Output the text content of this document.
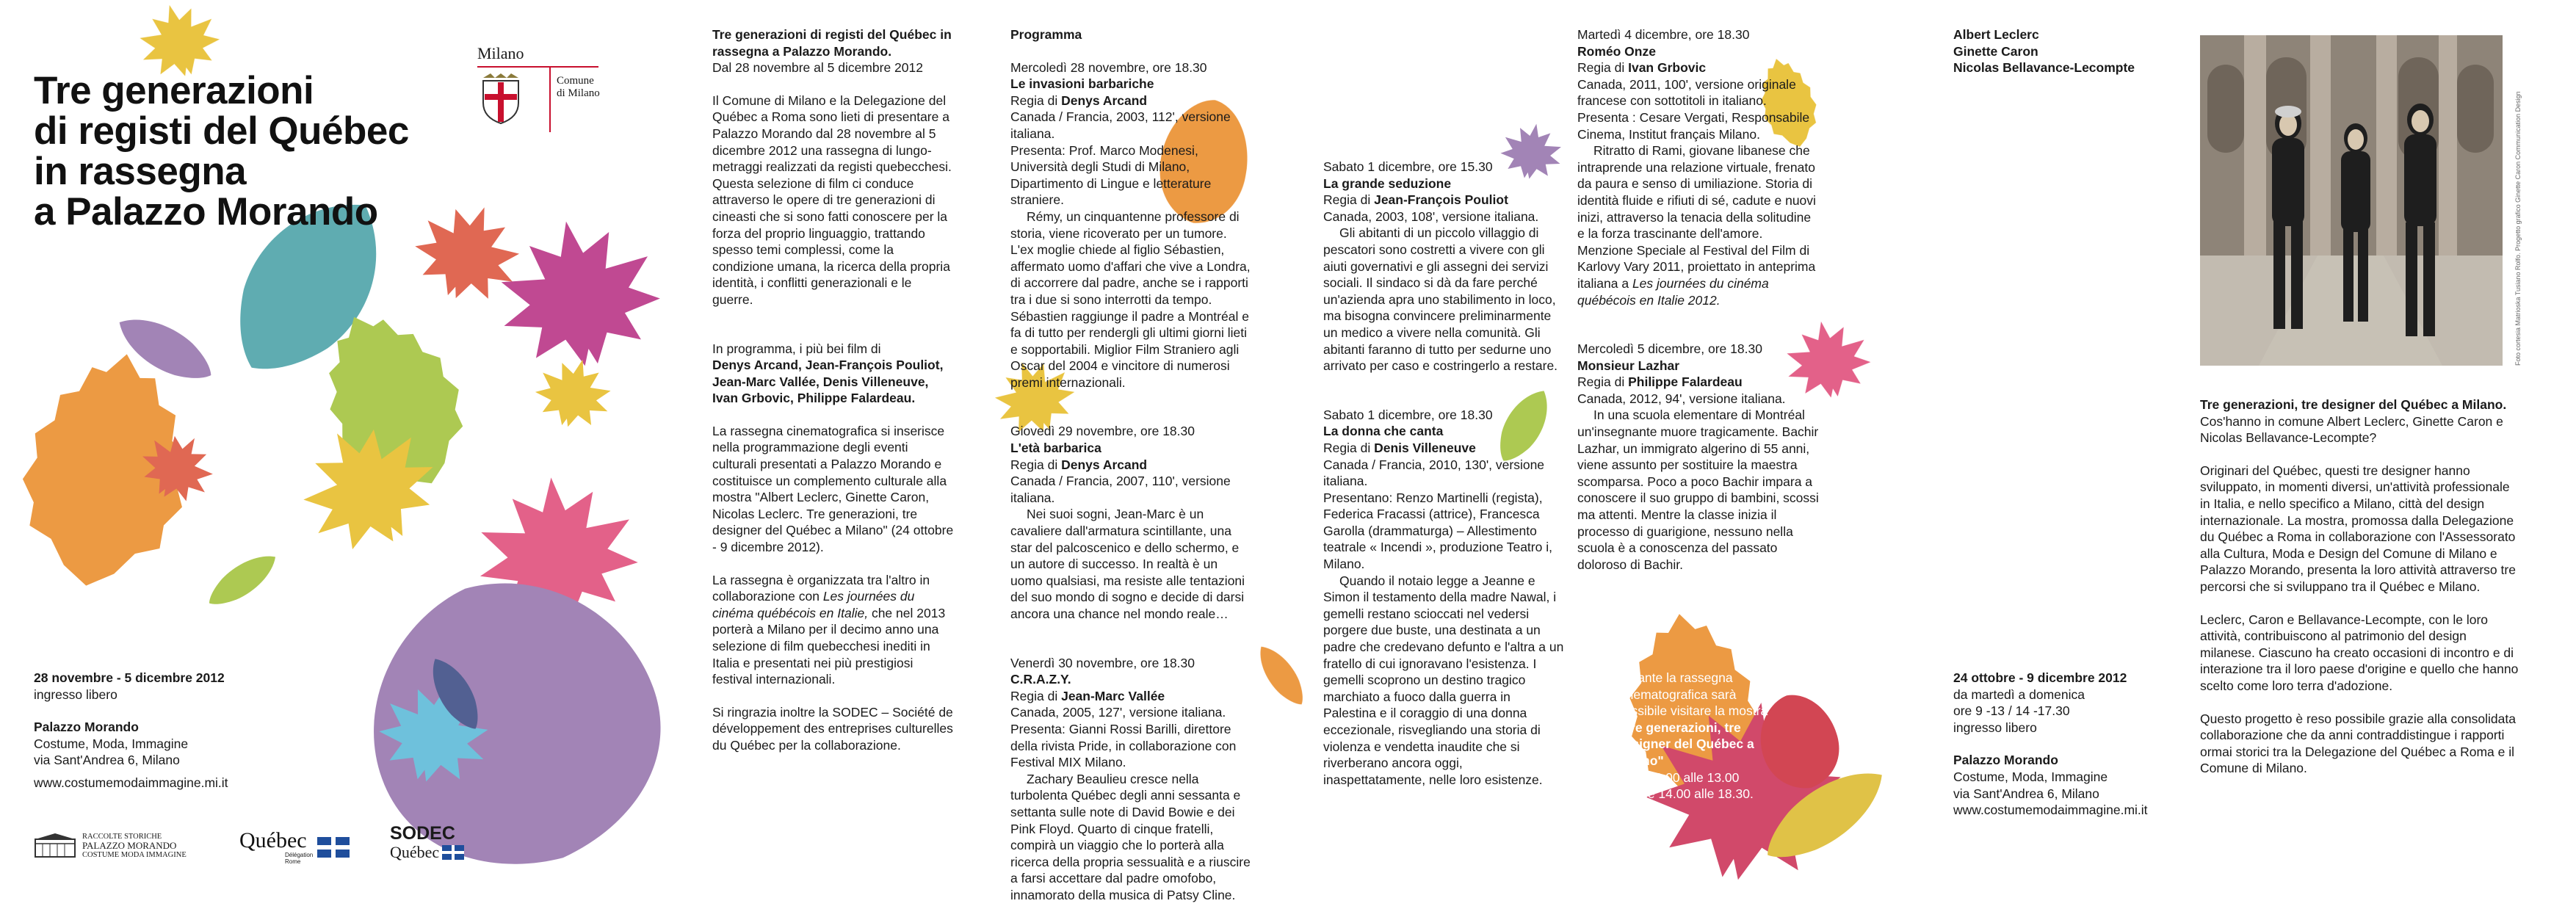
Tre generazioni
di registi del Québec
in rassegna
a Palazzo Morando
Milano
Comune
di Milano
28 novembre - 5 dicembre 2012
ingresso libero
Palazzo Morando
Costume, Moda, Immagine
via Sant'Andrea 6, Milano
www.costumemodaimmagine.mi.it
RACCOLTE STORICHE
PALAZZO MORANDO
COSTUME MODA IMMAGINE
Québec
Délégation
Rome
SODEC
Québec
Tre generazioni di registi del Québec in rassegna a Palazzo Morando.
Dal 28 novembre al 5 dicembre 2012

Il Comune di Milano e la Delegazione del Québec a Roma sono lieti di presentare a Palazzo Morando dal 28 novembre al 5 dicembre 2012 una rassegna di lungo-metraggi realizzati da registi quebecchesi. Questa selezione di film ci conduce attraverso le opere di tre generazioni di cineasti che si sono fatti conoscere per la forza del proprio linguaggio, trattando spesso temi complessi, come la condizione umana, la ricerca della propria identità, i conflitti generazionali e le guerre.

In programma, i più bei film di
Denys Arcand, Jean-François Pouliot, Jean-Marc Vallée, Denis Villeneuve, Ivan Grbovic, Philippe Falardeau.

La rassegna cinematografica si inserisce nella programmazione degli eventi culturali presentati a Palazzo Morando e costituisce un complemento culturale alla mostra "Albert Leclerc, Ginette Caron, Nicolas Leclerc. Tre generazioni, tre designer del Québec a Milano" (24 ottobre - 9 dicembre 2012).

La rassegna è organizzata tra l'altro in collaborazione con Les journées du cinéma québécois en Italie, che nel 2013 porterà a Milano per il decimo anno una selezione di film quebecchesi inediti in Italia e presentati nei più prestigiosi festival internazionali.

Si ringrazia inoltre la SODEC – Société de développement des entreprises culturelles du Québec per la collaborazione.

Programma
Mercoledì 28 novembre, ore 18.30
Le invasioni barbariche
Regia di Denys Arcand
Canada / Francia, 2003, 112', versione italiana.
Presenta: Prof. Marco Modenesi, Università degli Studi di Milano, Dipartimento di Lingue e letterature straniere.
Rémy, un cinquantenne professore di storia, viene ricoverato per un tumore. L'ex moglie chiede al figlio Sébastien, affermato uomo d'affari che vive a Londra, di accorrere dal padre, anche se i rapporti tra i due si sono interrotti da tempo. Sébastien raggiunge il padre a Montréal e fa di tutto per rendergli gli ultimi giorni lieti e sopportabili. Miglior Film Straniero agli Oscar del 2004 e vincitore di numerosi premi internazionali.
Giovedì 29 novembre, ore 18.30
L'età barbarica
Regia di Denys Arcand
Canada / Francia, 2007, 110', versione italiana.
Nei suoi sogni, Jean-Marc è un cavaliere dall'armatura scintillante, una star del palcoscenico e dello schermo, e un autore di successo. In realtà è un uomo qualsiasi, ma resiste alle tentazioni del suo mondo di sogno e decide di darsi ancora una chance nel mondo reale…
Venerdì 30 novembre, ore 18.30
C.R.A.Z.Y.
Regia di Jean-Marc Vallée
Canada, 2005, 127', versione italiana.
Presenta: Gianni Rossi Barilli, direttore della rivista Pride, in collaborazione con Festival MIX Milano.
Zachary Beaulieu cresce nella turbolenta Québec degli anni sessanta e settanta sulle note di David Bowie e dei Pink Floyd. Quarto di cinque fratelli, compirà un viaggio che lo porterà alla ricerca della propria sessualità e a riuscire a farsi accettare dal padre omofobo, innamorato della musica di Patsy Cline.
Sabato 1 dicembre, ore 15.30
La grande seduzione
Regia di Jean-François Pouliot
Canada, 2003, 108', versione italiana.
Gli abitanti di un piccolo villaggio di pescatori sono costretti a vivere con gli aiuti governativi e gli assegni dei servizi sociali. Il sindaco si dà da fare perché un'azienda apra uno stabilimento in loco, ma bisogna convincere preliminarmente un medico a vivere nella comunità. Gli abitanti faranno di tutto per sedurne uno arrivato per caso e costringerlo a restare.
Sabato 1 dicembre, ore 18.30
La donna che canta
Regia di Denis Villeneuve
Canada / Francia, 2010, 130', versione italiana.
Presentano: Renzo Martinelli (regista), Federica Fracassi (attrice), Francesca Garolla (drammaturga) – Allestimento teatrale « Incendi », produzione Teatro i, Milano.
Quando il notaio legge a Jeanne e Simon il testamento della madre Nawal, i gemelli restano scioccati nel vedersi porgere due buste, una destinata a un padre che credevano defunto e l'altra a un fratello di cui ignoravano l'esistenza. I gemelli scoprono un destino tragico marchiato a fuoco dalla guerra in Palestina e il coraggio di una donna eccezionale, risvegliando una storia di violenza e vendetta inaudite che si riverberano ancora oggi, inaspettatamente, nelle loro esistenze.
Martedì 4 dicembre, ore 18.30
Roméo Onze
Regia di Ivan Grbovic
Canada, 2011, 100', versione originale francese con sottotitoli in italiano.
Presenta : Cesare Vergati, Responsabile Cinema, Institut français Milano.
Ritratto di Rami, giovane libanese che intraprende una relazione virtuale, frenato da paura e senso di umiliazione. Storia di identità fluide e rifiuti di sé, cadute e nuovi inizi, attraverso la tenacia della solitudine e la forza trascinante dell'amore. Menzione Speciale al Festival del Film di Karlovy Vary 2011, proiettato in anteprima italiana a Les journées du cinéma québécois en Italie 2012.
Mercoledì 5 dicembre, ore 18.30
Monsieur Lazhar
Regia di Philippe Falardeau
Canada, 2012, 94', versione italiana.
In una scuola elementare di Montréal un'insegnante muore tragicamente. Bachir Lazhar, un immigrato algerino di 55 anni, viene assunto per sostituire la maestra scomparsa. Poco a poco Bachir impara a conoscere il suo gruppo di bambini, scossi ma attenti. Mentre la classe inizia il processo di guarigione, nessuno nella scuola è a conoscenza del passato doloroso di Bachir.
Durante la rassegna cinematografica sarà possibile visitare la mostra
"Tre generazioni, tre designer del Québec a Milano"
dalle 10.00 alle 13.00
e dalle 14.00 alle 18.30.
Albert Leclerc
Ginette Caron
Nicolas Bellavance-Lecompte
24 ottobre - 9 dicembre 2012
da martedì a domenica
ore 9 -13 / 14 -17.30
ingresso libero
Palazzo Morando
Costume, Moda, Immagine
via Sant'Andrea 6, Milano
www.costumemodaimmagine.mi.it
Foto cortesia Matrioska Tusiano Rolfo. Progetto grafico Ginette Caron Communication Design
Tre generazioni, tre designer del Québec a Milano.

Cos'hanno in comune Albert Leclerc, Ginette Caron e Nicolas Bellavance-Lecompte?

Originari del Québec, questi tre designer hanno sviluppato, in momenti diversi, un'attività professionale in Italia, e nello specifico a Milano, città del design internazionale. La mostra, promossa dalla Delegazione du Québec a Roma in collaborazione con l'Assessorato alla Cultura, Moda e Design del Comune di Milano e Palazzo Morando, presenta la loro attività attraverso tre percorsi che si sviluppano tra il Québec e Milano.

Leclerc, Caron e Bellavance-Lecompte, con le loro attività, contribuiscono al patrimonio del design milanese. Ciascuno ha creato occasioni di incontro e di interazione tra il loro paese d'origine e quello che hanno scelto come loro terra d'adozione.

Questo progetto è reso possibile grazie alla consolidata collaborazione che da anni contraddistingue i rapporti ormai storici tra la Delegazione del Québec a Roma e il Comune di Milano.
